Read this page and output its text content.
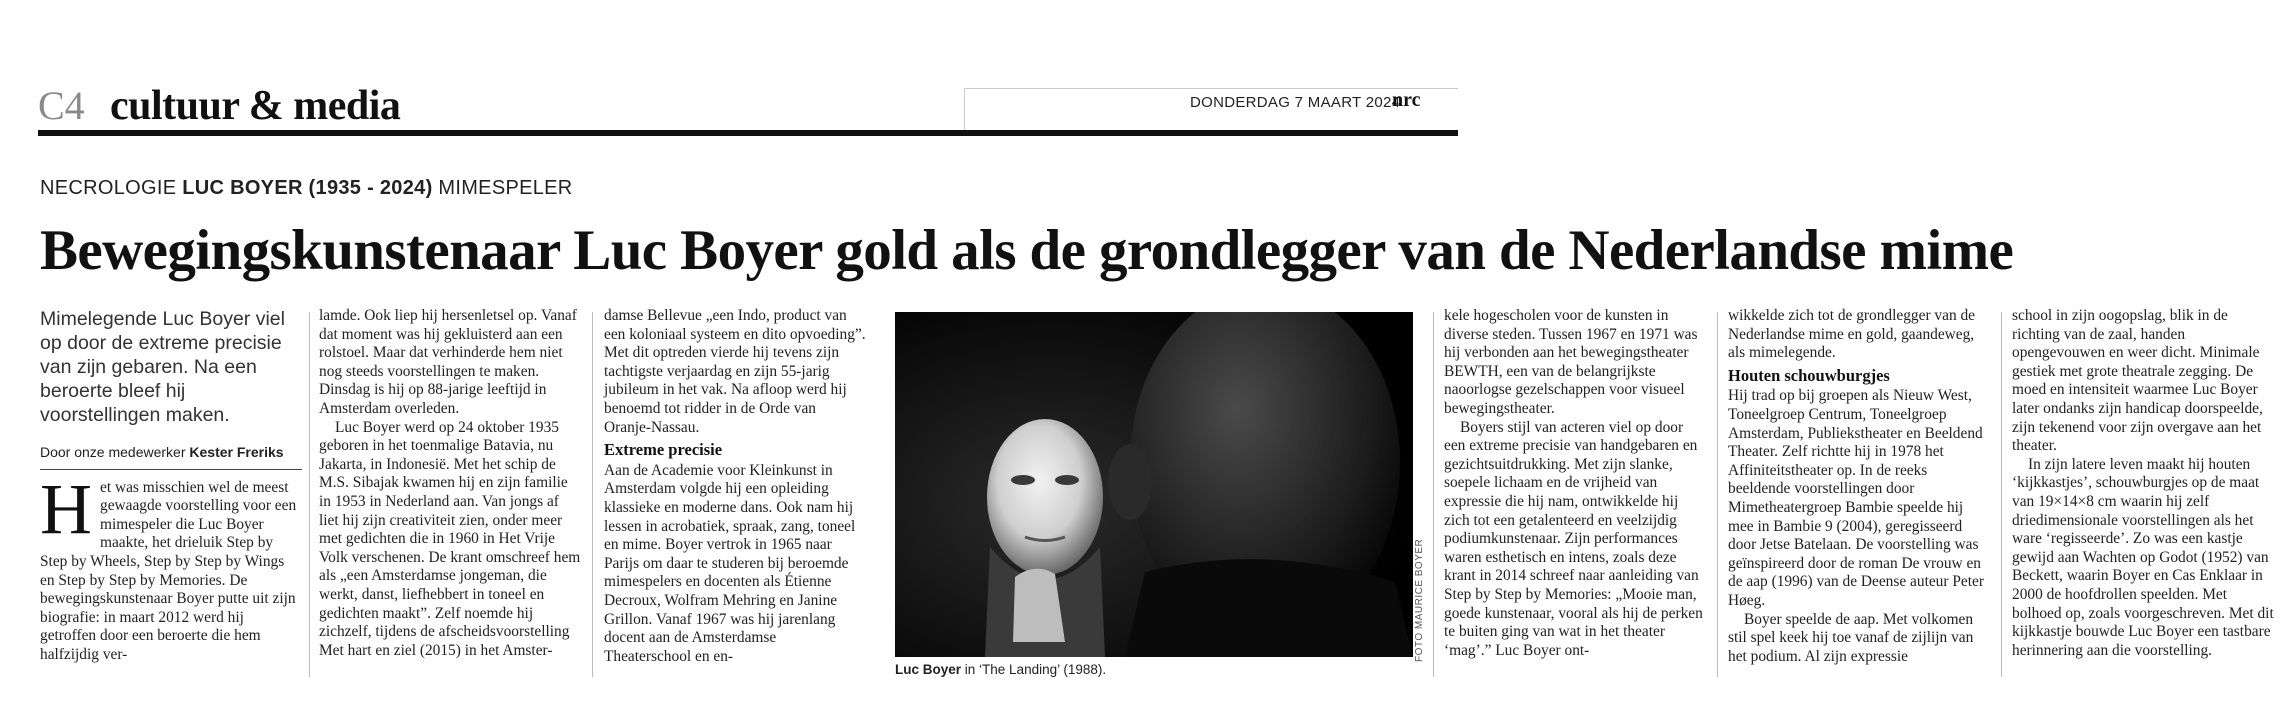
C4 cultuur & media	DONDERDAG 7 MAART 2024
nrc
NECROLOGIE LUC BOYER (1935 - 2024) MIMESPELER
Bewegingskunstenaar Luc Boyer gold als de grondlegger van de Nederlandse mime

Mimelegende Luc Boyer viel op door de extreme precisie van zijn gebaren. Na een beroerte bleef hij voorstellingen maken.

Door onze medewerker Kester Freriks
H et was misschien wel de meest gewaagde voorstelling voor een mimespeler die Luc Boyer maakte, het drieluik Step by Step by Wheels, Step by Step by Wings en Step by Step by Memories. De bewegingskunstenaar Boyer putte uit zijn biografie: in maart 2012 werd hij getroffen door een beroerte die hem halfzijdig ver-

lamde. Ook liep hij hersenletsel op. Vanaf dat moment was hij gekluisterd aan een rolstoel. Maar dat verhinderde hem niet nog steeds voorstellingen te maken. Dinsdag is hij op 88-jarige leeftijd in Amsterdam overleden.

Luc Boyer werd op 24 oktober 1935 geboren in het toenmalige Batavia, nu Jakarta, in Indonesië. Met het schip de M.S. Sibajak kwamen hij en zijn familie in 1953 in Nederland aan. Van jongs af liet hij zijn creativiteit zien, onder meer met gedichten die in 1960 in Het Vrije Volk verschenen. De krant omschreef hem als „een Amsterdamse jongeman, die werkt, danst, liefhebbert in toneel en gedichten maakt”. Zelf noemde hij zichzelf, tijdens de afscheidsvoorstelling Met hart en ziel (2015) in het Amster-

damse Bellevue „een Indo, product van een koloniaal systeem en dito opvoeding”. Met dit optreden vierde hij tevens zijn tachtigste verjaardag en zijn 55-jarig jubileum in het vak. Na afloop werd hij benoemd tot ridder in de Orde van Oranje-Nassau.

Extreme precisie

Aan de Academie voor Kleinkunst in Amsterdam volgde hij een opleiding klassieke en moderne dans. Ook nam hij lessen in acrobatiek, spraak, zang, toneel en mime. Boyer vertrok in 1965 naar Parijs om daar te studeren bij beroemde mimespelers en docenten als Étienne Decroux, Wolfram Mehring en Janine Grillon. Vanaf 1967 was hij jarenlang docent aan de Amsterdamse Theaterschool en en-	FOTO MAURICE BOYER
Luc Boyer in ‘The Landing’ (1988).

kele hogescholen voor de kunsten in diverse steden. Tussen 1967 en 1971 was hij verbonden aan het bewegingstheater BEWTH, een van de belangrijkste naoorlogse gezelschappen voor visueel bewegingstheater.

Boyers stijl van acteren viel op door een extreme precisie van handgebaren en gezichtsuitdrukking. Met zijn slanke, soepele lichaam en de vrijheid van expressie die hij nam, ontwikkelde hij zich tot een getalenteerd en veelzijdig podiumkunstenaar. Zijn performances waren esthetisch en intens, zoals deze krant in 2014 schreef naar aanleiding van Step by Step by Memories: „Mooie man, goede kunstenaar, vooral als hij de perken te buiten ging van wat in het theater ‘mag’.” Luc Boyer ont-

wikkelde zich tot de grondlegger van de Nederlandse mime en gold, gaandeweg, als mimelegende.

Houten schouwburgjes

Hij trad op bij groepen als Nieuw West, Toneelgroep Centrum, Toneelgroep Amsterdam, Publiekstheater en Beeldend Theater. Zelf richtte hij in 1978 het Affiniteitstheater op. In de reeks beeldende voorstellingen door Mimetheatergroep Bambie speelde hij mee in Bambie 9 (2004), geregisseerd door Jetse Batelaan. De voorstelling was geïnspireerd door de roman De vrouw en de aap (1996) van de Deense auteur Peter Høeg.

Boyer speelde de aap. Met volkomen stil spel keek hij toe vanaf de zijlijn van het podium. Al zijn expressie

school in zijn oogopslag, blik in de richting van de zaal, handen opengevouwen en weer dicht. Minimale gestiek met grote theatrale zegging. De moed en intensiteit waarmee Luc Boyer later ondanks zijn handicap doorspeelde, zijn tekenend voor zijn overgave aan het theater.

In zijn latere leven maakt hij houten ‘kijkkastjes’, schouwburgjes op de maat van 19×14×8 cm waarin hij zelf driedimensionale voorstellingen als het ware ‘regisseerde’. Zo was een kastje gewijd aan Wachten op Godot (1952) van Beckett, waarin Boyer en Cas Enklaar in 2000 de hoofdrollen speelden. Met bolhoed op, zoals voorgeschreven. Met dit kijkkastje bouwde Luc Boyer een tastbare herinnering aan die voorstelling.
